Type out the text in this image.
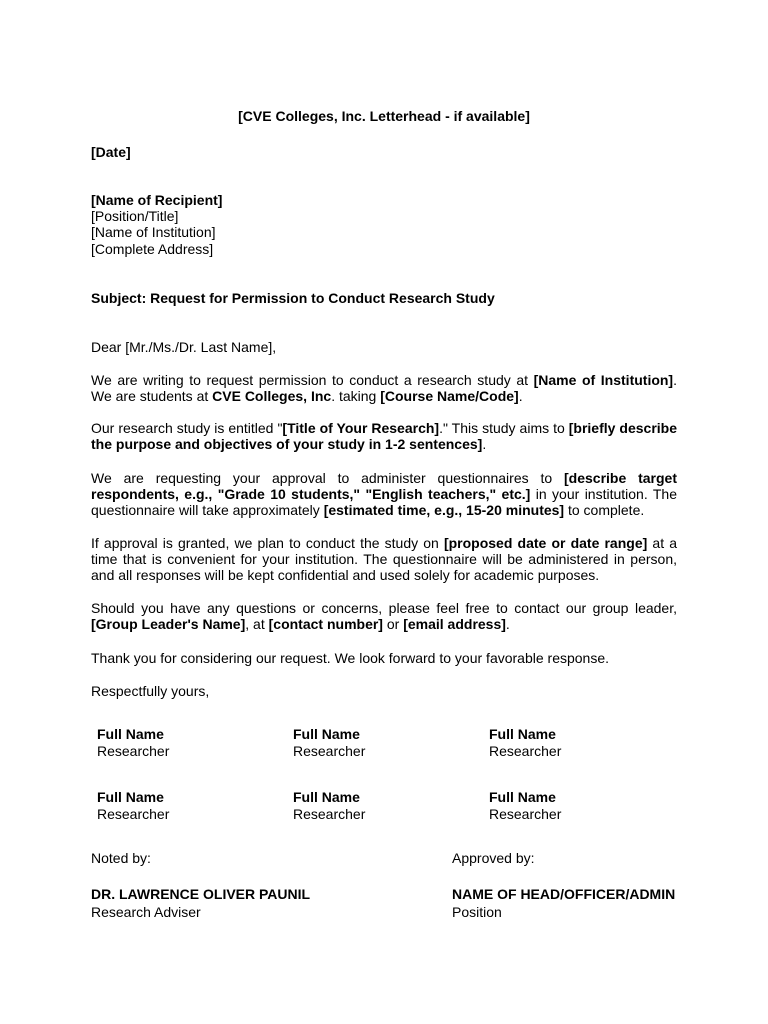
[CVE Colleges, Inc. Letterhead - if available]
[Date]
[Name of Recipient]
[Position/Title]
[Name of Institution]
[Complete Address]
Subject: Request for Permission to Conduct Research Study
Dear [Mr./Ms./Dr. Last Name],
We are writing to request permission to conduct a research study at [Name of Institution]. We are students at CVE Colleges, Inc. taking [Course Name/Code].
Our research study is entitled "[Title of Your Research]." This study aims to [briefly describe the purpose and objectives of your study in 1-2 sentences].
We are requesting your approval to administer questionnaires to [describe target respondents, e.g., "Grade 10 students," "English teachers," etc.] in your institution. The questionnaire will take approximately [estimated time, e.g., 15-20 minutes] to complete.
If approval is granted, we plan to conduct the study on [proposed date or date range] at a time that is convenient for your institution. The questionnaire will be administered in person, and all responses will be kept confidential and used solely for academic purposes.
Should you have any questions or concerns, please feel free to contact our group leader, [Group Leader's Name], at [contact number] or [email address].
Thank you for considering our request. We look forward to your favorable response.
Respectfully yours,
Full Name
Researcher
Full Name
Researcher
Full Name
Researcher
Full Name
Researcher
Full Name
Researcher
Full Name
Researcher
Noted by:
DR. LAWRENCE OLIVER PAUNIL
Research Adviser
Approved by:
NAME OF HEAD/OFFICER/ADMIN
Position
